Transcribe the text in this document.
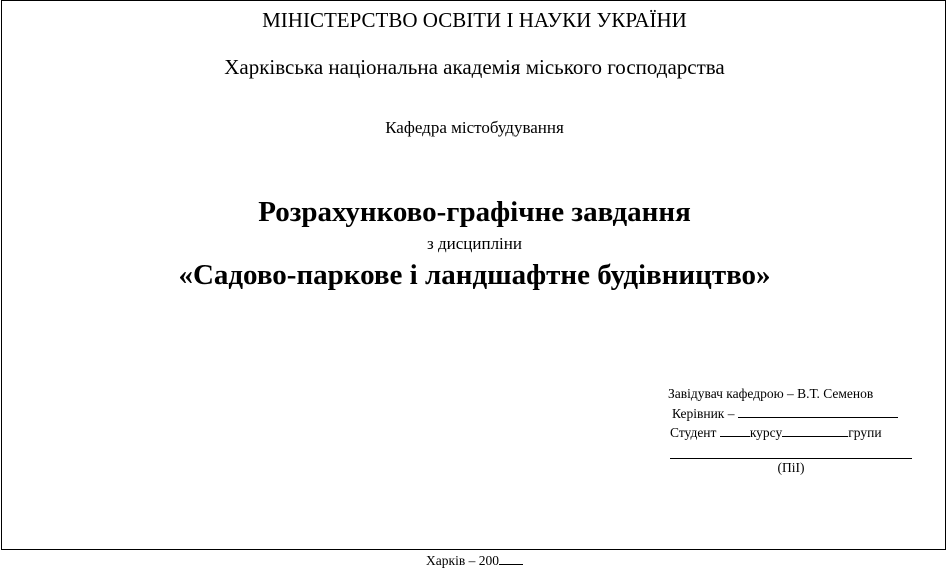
МІНІСТЕРСТВО ОСВІТИ І НАУКИ УКРАЇНИ
Харківська національна академія міського господарства
Кафедра містобудування
Розрахунково-графічне завдання
з дисципліни
«Садово-паркове і ландшафтне будівництво»
Завідувач кафедрою – В.Т. Семенов
Керівник –
Студент курсу	групи
(ПіІ)
Харків – 200
